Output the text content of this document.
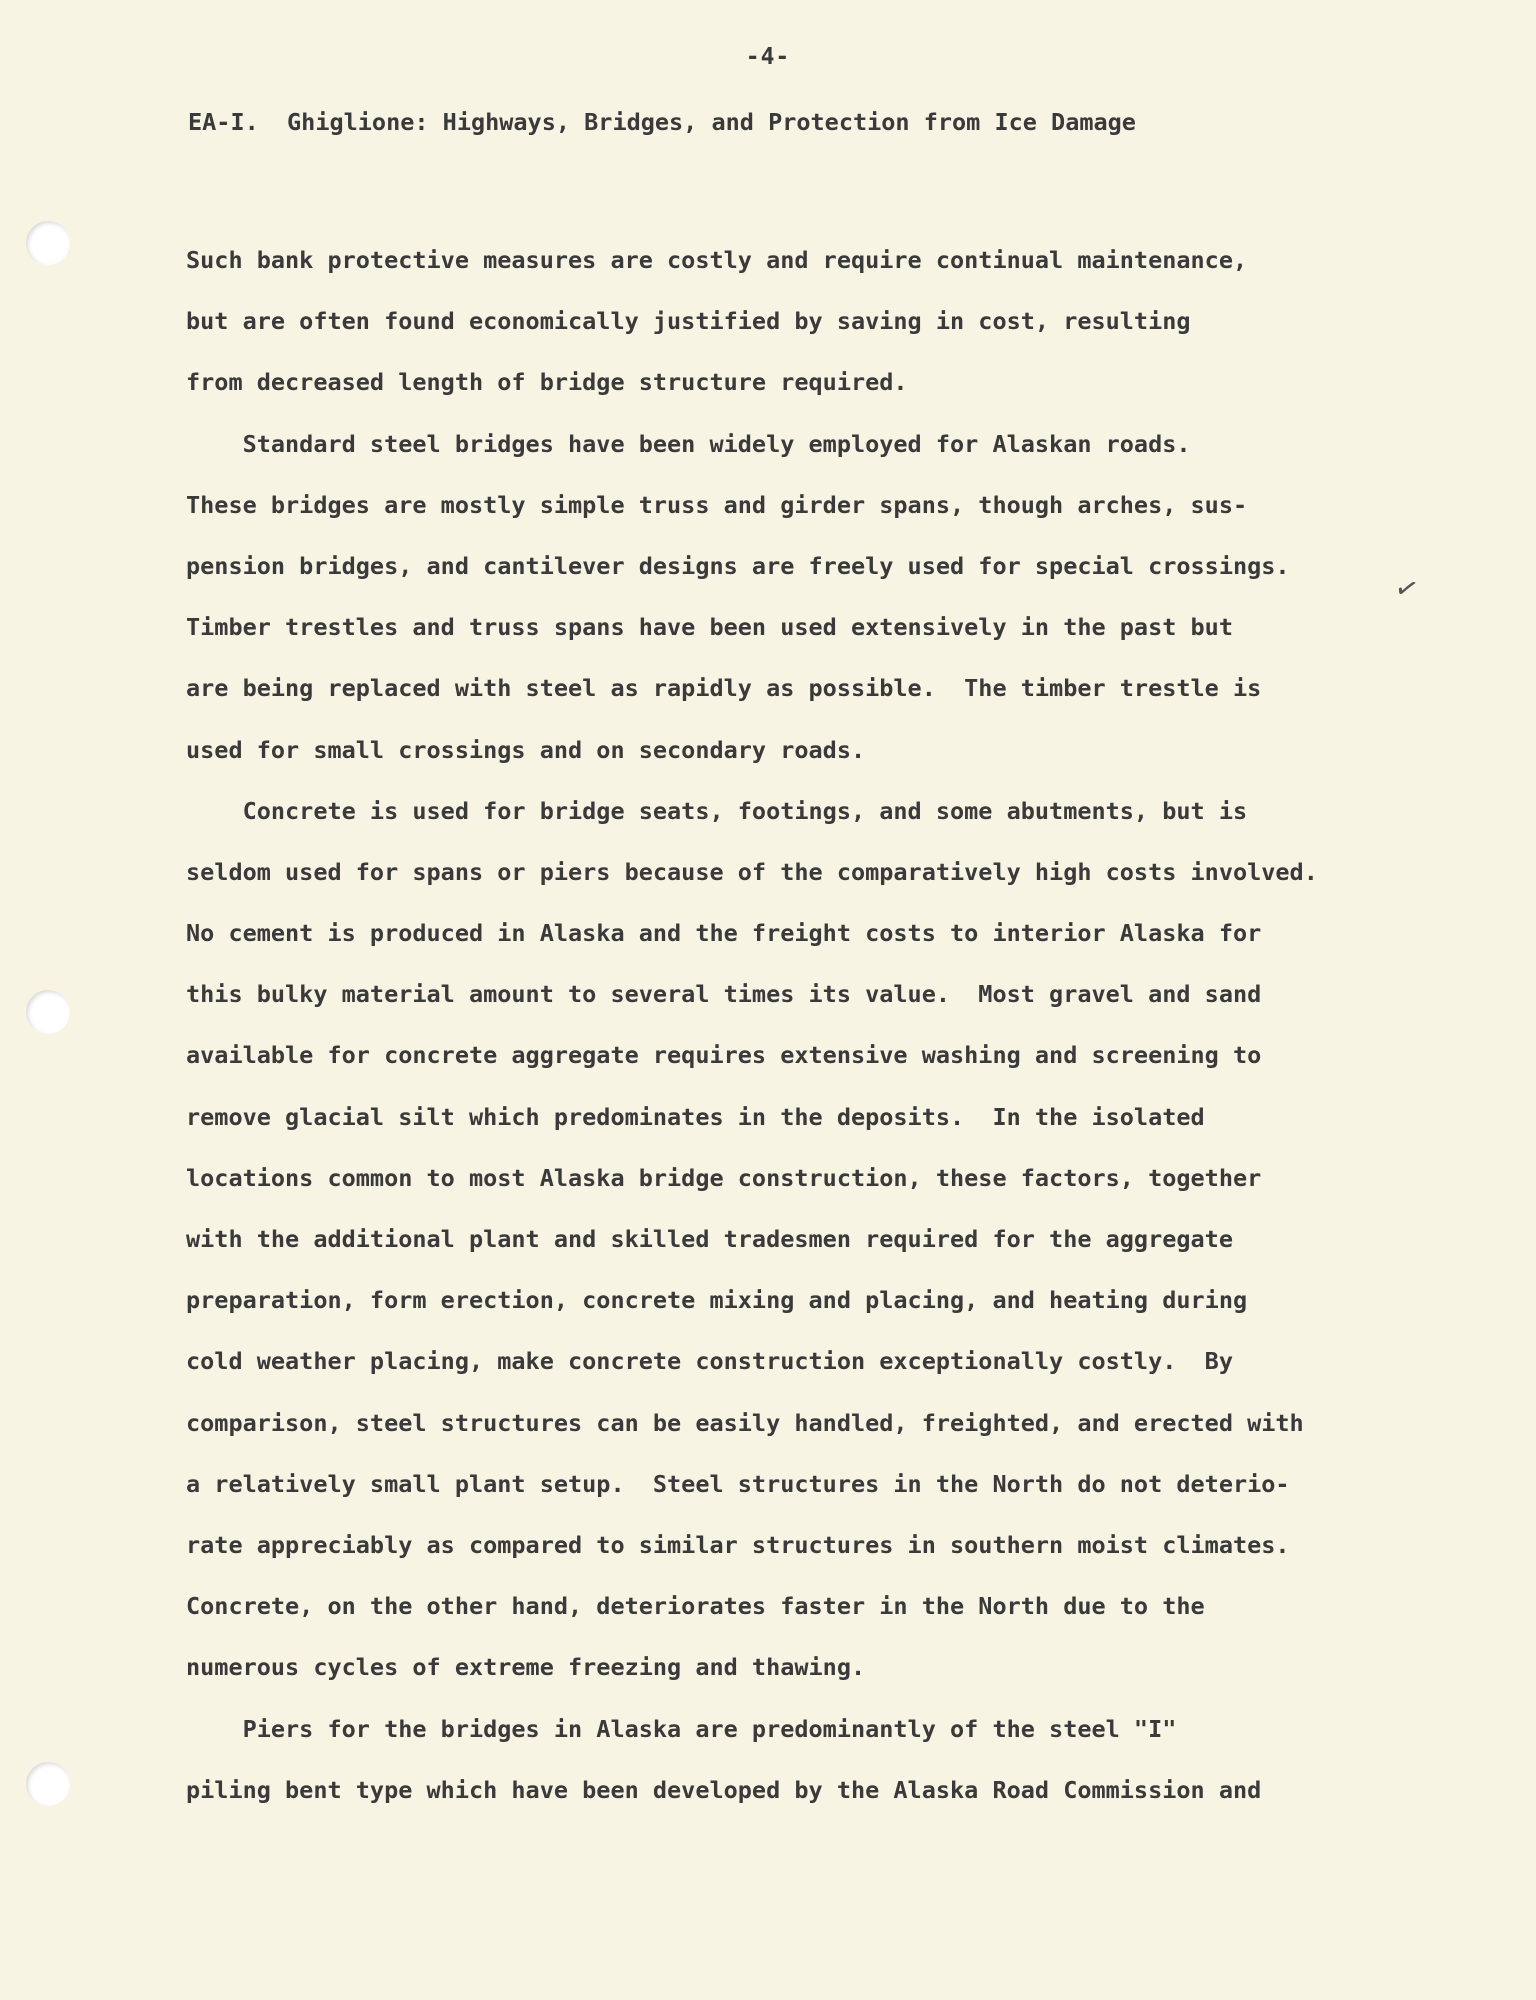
-4-

EA-I.  Ghiglione: Highways, Bridges, and Protection from Ice Damage

Such bank protective measures are costly and require continual maintenance,

but are often found economically justified by saving in cost, resulting

from decreased length of bridge structure required.

Standard steel bridges have been widely employed for Alaskan roads.

These bridges are mostly simple truss and girder spans, though arches, sus-

pension bridges, and cantilever designs are freely used for special crossings.

Timber trestles and truss spans have been used extensively in the past but

are being replaced with steel as rapidly as possible.  The timber trestle is

used for small crossings and on secondary roads.

Concrete is used for bridge seats, footings, and some abutments, but is

seldom used for spans or piers because of the comparatively high costs involved.

No cement is produced in Alaska and the freight costs to interior Alaska for

this bulky material amount to several times its value.  Most gravel and sand

available for concrete aggregate requires extensive washing and screening to

remove glacial silt which predominates in the deposits.  In the isolated

locations common to most Alaska bridge construction, these factors, together

with the additional plant and skilled tradesmen required for the aggregate

preparation, form erection, concrete mixing and placing, and heating during

cold weather placing, make concrete construction exceptionally costly.  By

comparison, steel structures can be easily handled, freighted, and erected with

a relatively small plant setup.  Steel structures in the North do not deterio-

rate appreciably as compared to similar structures in southern moist climates.

Concrete, on the other hand, deteriorates faster in the North due to the

numerous cycles of extreme freezing and thawing.

Piers for the bridges in Alaska are predominantly of the steel "I"

piling bent type which have been developed by the Alaska Road Commission and

✓
